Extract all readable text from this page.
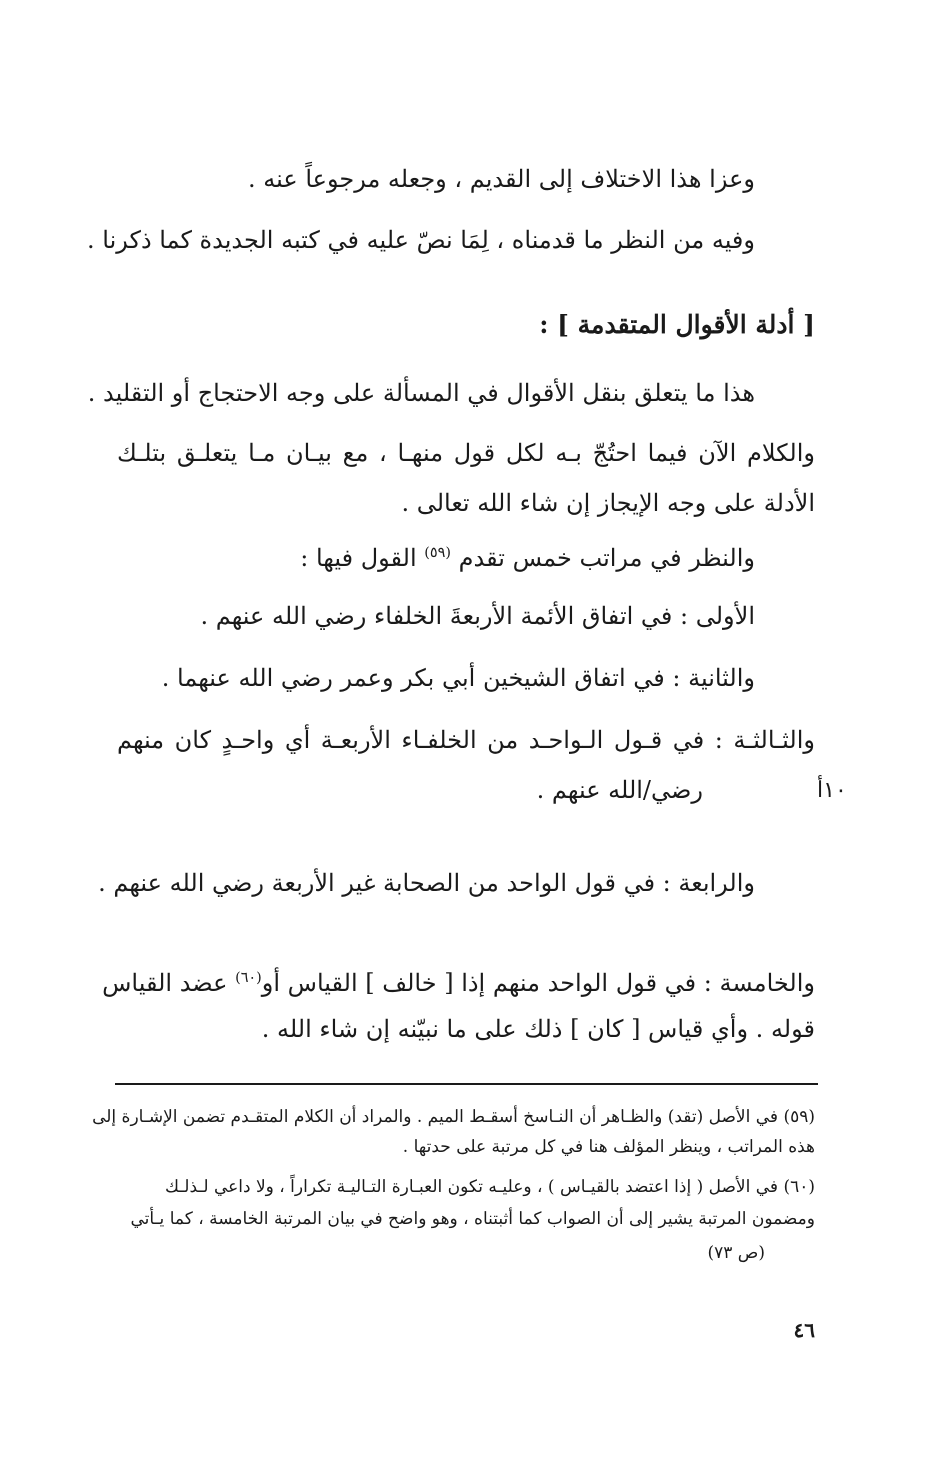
وعزا هذا الاختلاف إلى القديم ، وجعله مرجوعاً عنه .
وفيه من النظر ما قدمناه ، لِمَا نصّ عليه في كتبه الجديدة كما ذكرنا .
[ أدلة الأقوال المتقدمة ] :
هذا ما يتعلق بنقل الأقوال في المسألة على وجه الاحتجاج أو التقليد .
والكلام الآن فيما احتُجّ بـه لكل قول منهـا ، مع بيـان مـا يتعلـق بتلـك
الأدلة على وجه الإيجاز إن شاء الله تعالى .
والنظر في مراتب خمس تقدم $^{(٥٩)}$ القول فيها :
الأولى : في اتفاق الأئمة الأربعةَ الخلفاء رضي الله عنهم .
والثانية : في اتفاق الشيخين أبي بكر وعمر رضي الله عنهما .
والثـالثـة : في قـول الـواحـد من الخلفـاء الأربعـة أي واحـدٍ كان منهم
رضي/الله عنهم .	١٠أ
والرابعة : في قول الواحد من الصحابة غير الأربعة رضي الله عنهم .
والخامسة : في قول الواحد منهم إذا [ خالف ] القياس أو$^{(٦٠)}$ عضد القياس
قوله . وأي قياس [ كان ] ذلك على ما نبيّنه إن شاء الله .
(٥٩) في الأصل (تقد) والظـاهر أن النـاسخ أسقـط الميم . والمراد أن الكلام المتقـدم تضمن الإشـارة إلى
هذه المراتب ، وينظر المؤلف هنا في كل مرتبة على حدتها .
(٦٠) في الأصل ( إذا اعتضد بالقيـاس ) ، وعليـه تكون العبـارة التـاليـة تكراراً ، ولا داعي لـذلـك
ومضمون المرتبة يشير إلى أن الصواب كما أثبتناه ، وهو واضح في بيان المرتبة الخامسة ، كما يـأتي
(ص ٧٣)
٤٦
